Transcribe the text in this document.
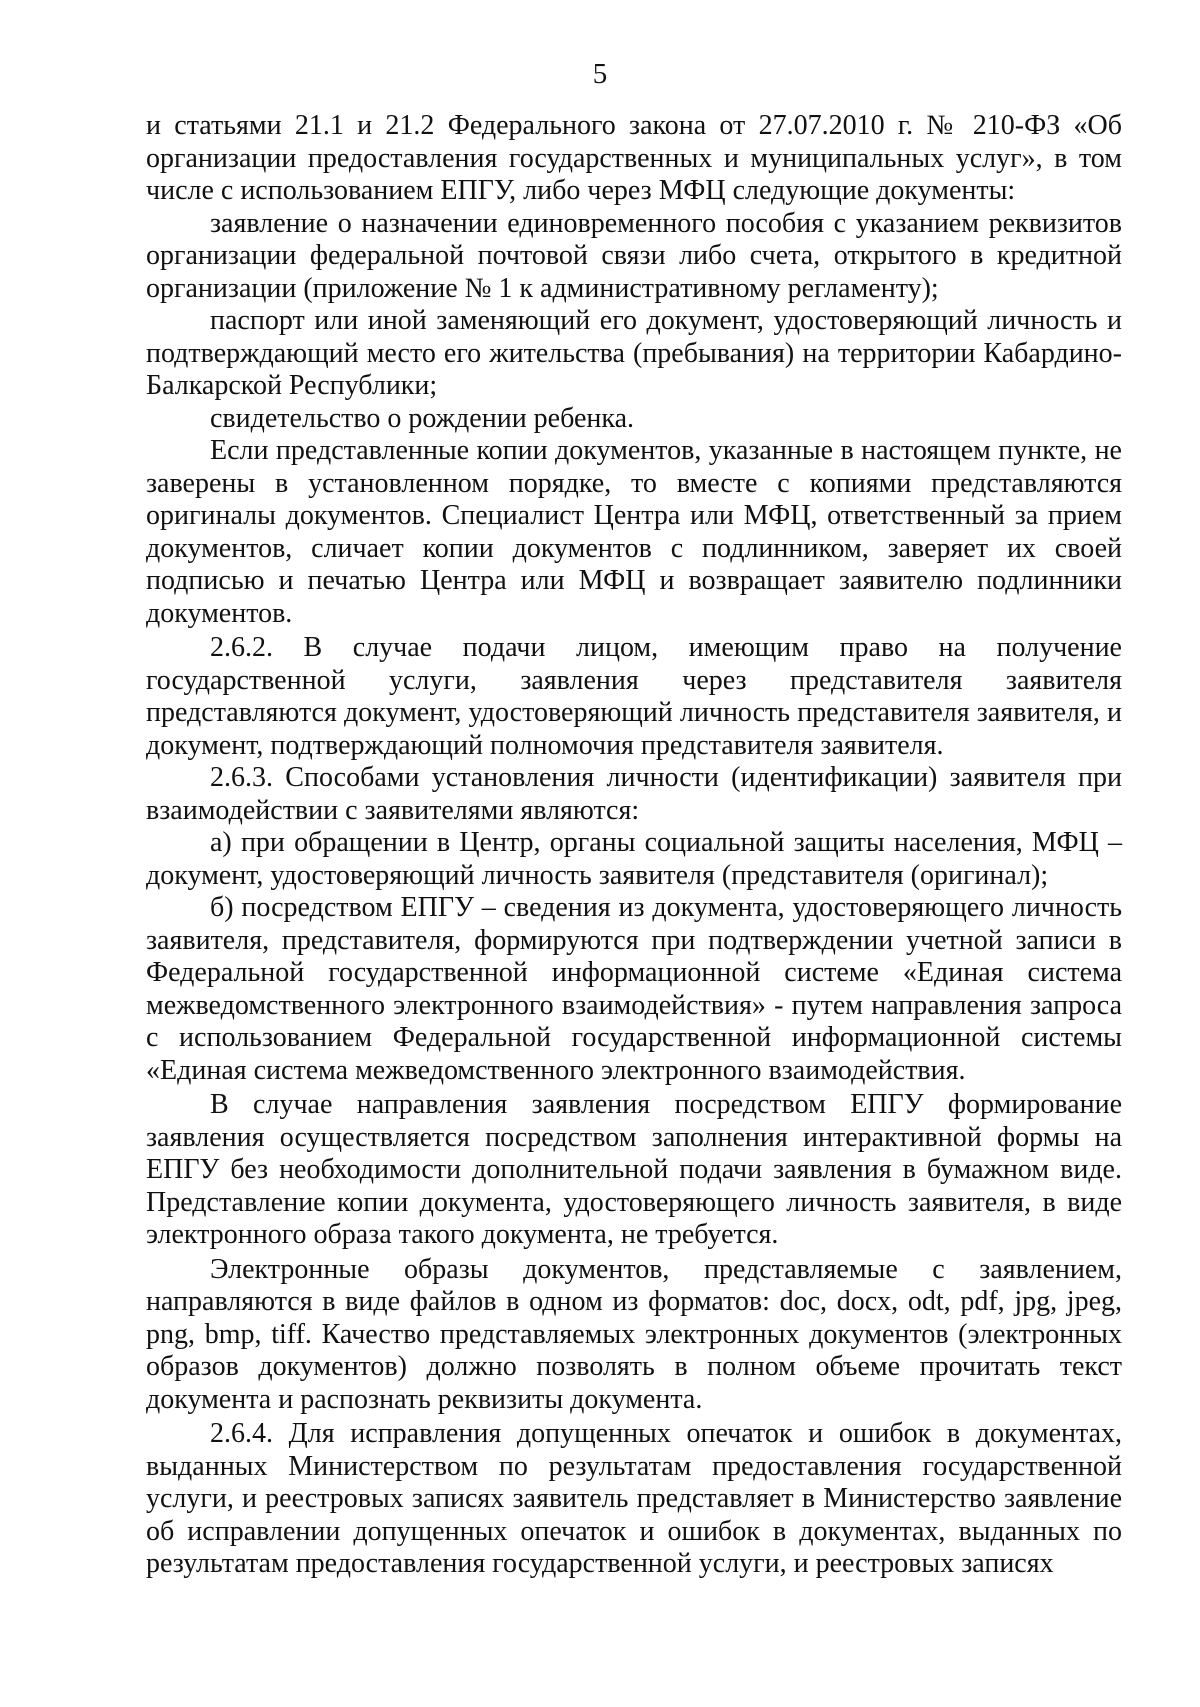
5

и статьями 21.1 и 21.2 Федерального закона от 27.07.2010 г. № 210-ФЗ «Об организации предоставления государственных и муниципальных услуг», в том числе с использованием ЕПГУ, либо через МФЦ следующие документы:

заявление о назначении единовременного пособия с указанием реквизитов организации федеральной почтовой связи либо счета, открытого в кредитной организации (приложение № 1 к административному регламенту);

паспорт или иной заменяющий его документ, удостоверяющий личность и подтверждающий место его жительства (пребывания) на территории Кабардино-Балкарской Республики;

свидетельство о рождении ребенка.

Если представленные копии документов, указанные в настоящем пункте, не заверены в установленном порядке, то вместе с копиями представляются оригиналы документов. Специалист Центра или МФЦ, ответственный за прием документов, сличает копии документов с подлинником, заверяет их своей подписью и печатью Центра или МФЦ и возвращает заявителю подлинники документов.

2.6.2. В случае подачи лицом, имеющим право на получение государственной услуги, заявления через представителя заявителя представляются документ, удостоверяющий личность представителя заявителя, и документ, подтверждающий полномочия представителя заявителя.

2.6.3. Способами установления личности (идентификации) заявителя при взаимодействии с заявителями являются:

а) при обращении в Центр, органы социальной защиты населения, МФЦ – документ, удостоверяющий личность заявителя (представителя (оригинал);

б) посредством ЕПГУ – сведения из документа, удостоверяющего личность заявителя, представителя, формируются при подтверждении учетной записи в Федеральной государственной информационной системе «Единая система межведомственного электронного взаимодействия» - путем направления запроса с использованием Федеральной государственной информационной системы «Единая система межведомственного электронного взаимодействия.

В случае направления заявления посредством ЕПГУ формирование заявления осуществляется посредством заполнения интерактивной формы на ЕПГУ без необходимости дополнительной подачи заявления в бумажном виде. Представление копии документа, удостоверяющего личность заявителя, в виде электронного образа такого документа, не требуется.

Электронные образы документов, представляемые с заявлением, направляются в виде файлов в одном из форматов: doc, docx, odt, pdf, jpg, jpeg, png, bmp, tiff. Качество представляемых электронных документов (электронных образов документов) должно позволять в полном объеме прочитать текст документа и распознать реквизиты документа.

2.6.4. Для исправления допущенных опечаток и ошибок в документах, выданных Министерством по результатам предоставления государственной услуги, и реестровых записях заявитель представляет в Министерство заявление об исправлении допущенных опечаток и ошибок в документах, выданных по результатам предоставления государственной услуги, и реестровых записях
